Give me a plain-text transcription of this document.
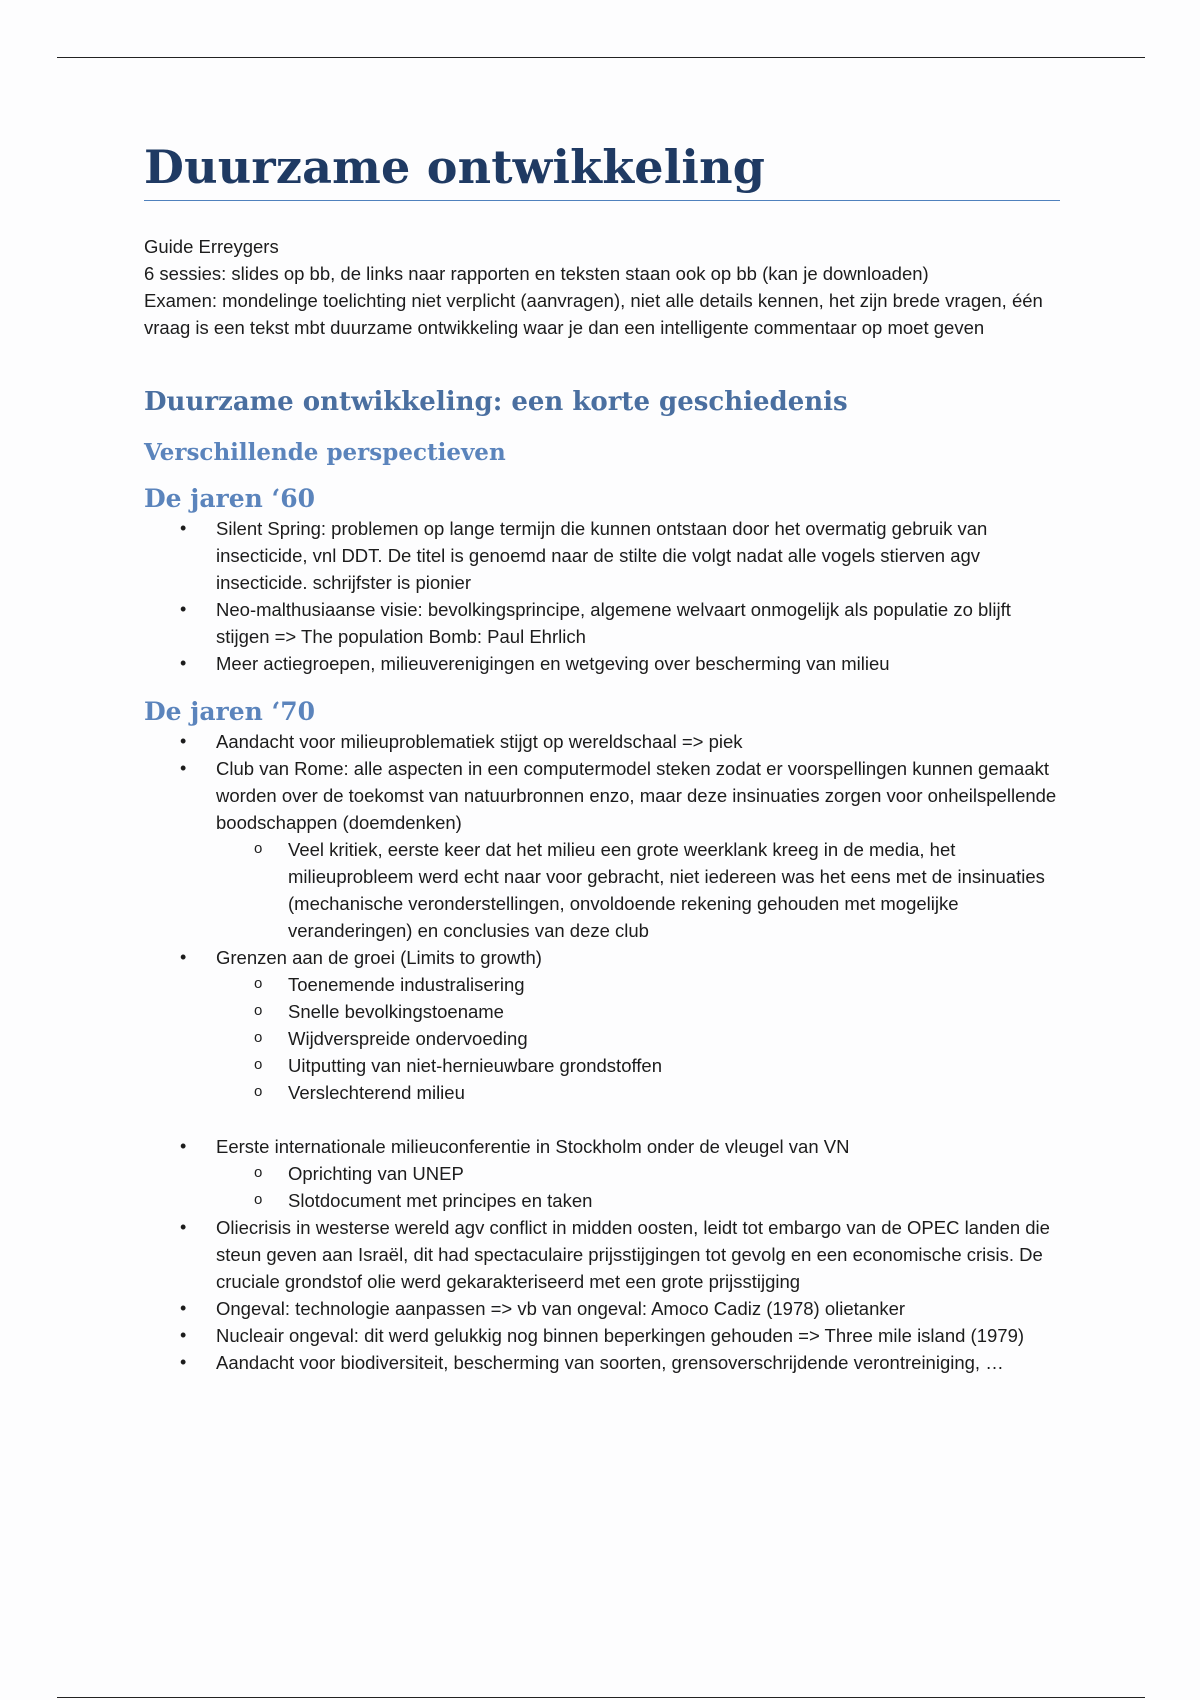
Duurzame ontwikkeling

Guide Erreygers

6 sessies: slides op bb, de links naar rapporten en teksten staan ook op bb (kan je downloaden)

Examen: mondelinge toelichting niet verplicht (aanvragen), niet alle details kennen, het zijn brede vragen, één vraag is een tekst mbt duurzame ontwikkeling waar je dan een intelligente commentaar op moet geven

Duurzame ontwikkeling: een korte geschiedenis
Verschillende perspectieven
De jaren ‘60
• Silent Spring: problemen op lange termijn die kunnen ontstaan door het overmatig gebruik van insecticide, vnl DDT. De titel is genoemd naar de stilte die volgt nadat alle vogels stierven agv insecticide. schrijfster is pionier
• Neo-malthusiaanse visie: bevolkingsprincipe, algemene welvaart onmogelijk als populatie zo blijft stijgen => The population Bomb: Paul Ehrlich
• Meer actiegroepen, milieuverenigingen en wetgeving over bescherming van milieu
De jaren ‘70
• Aandacht voor milieuproblematiek stijgt op wereldschaal => piek
• Club van Rome: alle aspecten in een computermodel steken zodat er voorspellingen kunnen gemaakt worden over de toekomst van natuurbronnen enzo, maar deze insinuaties zorgen voor onheilspellende boodschappen (doemdenken)
o Veel kritiek, eerste keer dat het milieu een grote weerklank kreeg in de media, het milieuprobleem werd echt naar voor gebracht, niet iedereen was het eens met de insinuaties (mechanische veronderstellingen, onvoldoende rekening gehouden met mogelijke veranderingen) en conclusies van deze club
• Grenzen aan de groei (Limits to growth)
o Toenemende industralisering
o Snelle bevolkingstoename
o Wijdverspreide ondervoeding
o Uitputting van niet-hernieuwbare grondstoffen
o Verslechterend milieu
• Eerste internationale milieuconferentie in Stockholm onder de vleugel van VN
o Oprichting van UNEP
o Slotdocument met principes en taken
• Oliecrisis in westerse wereld agv conflict in midden oosten, leidt tot embargo van de OPEC landen die steun geven aan Israël, dit had spectaculaire prijsstijgingen tot gevolg en een economische crisis. De cruciale grondstof olie werd gekarakteriseerd met een grote prijsstijging
• Ongeval: technologie aanpassen => vb van ongeval: Amoco Cadiz (1978) olietanker
• Nucleair ongeval: dit werd gelukkig nog binnen beperkingen gehouden => Three mile island (1979)
• Aandacht voor biodiversiteit, bescherming van soorten, grensoverschrijdende verontreiniging, …
